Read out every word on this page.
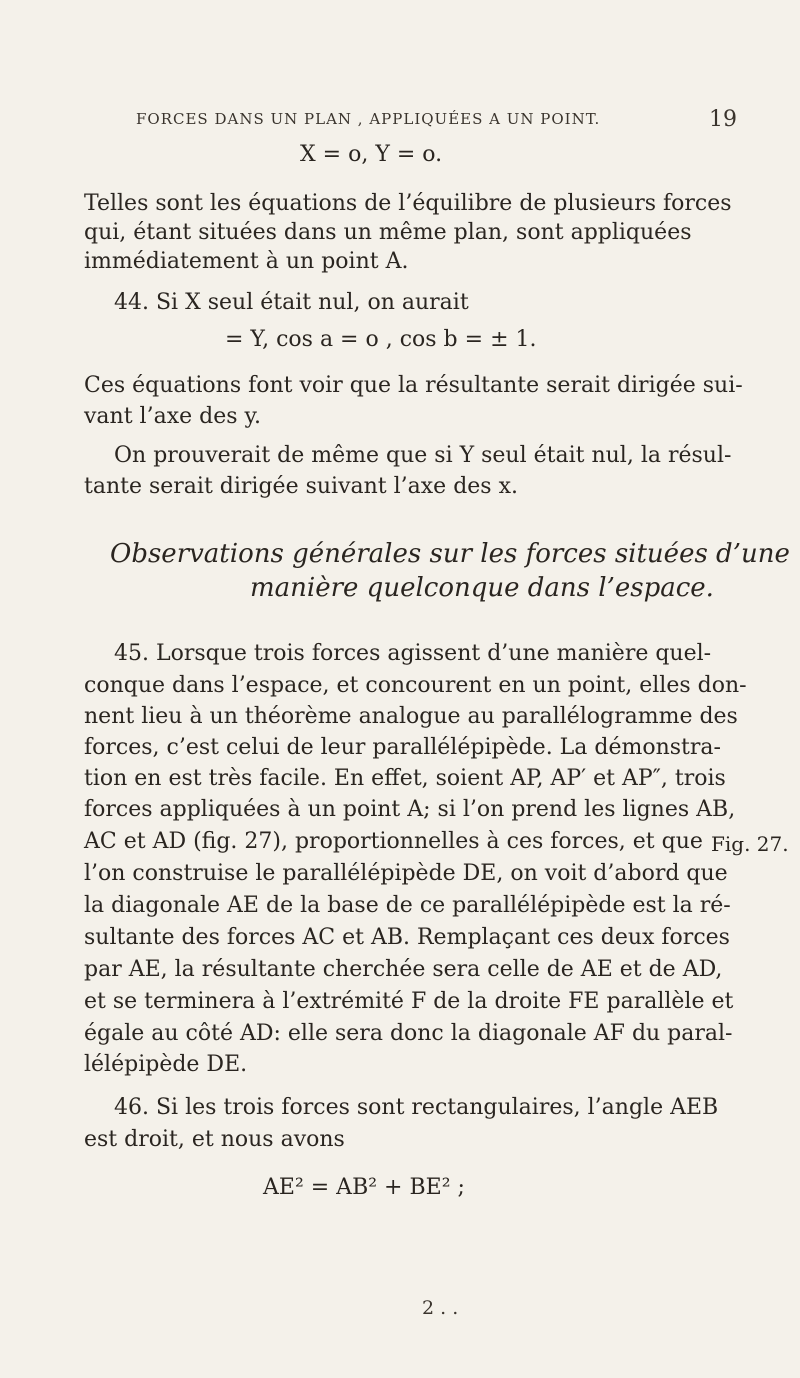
FORCES DANS UN PLAN , APPLIQUÉES A UN POINT.	19
X = o, Y = o.
Telles sont les équations de l’équilibre de plusieurs forces
qui, étant situées dans un même plan, sont appliquées
immédiatement à un point A.
44. Si X seul était nul, on aurait
= Y, cos a = o , cos b = ± 1.
Ces équations font voir que la résultante serait dirigée sui-
vant l’axe des y.
On prouverait de même que si Y seul était nul, la résul-
tante serait dirigée suivant l’axe des x.
Observations générales sur les forces situées d’une
manière quelconque dans l’espace.
45. Lorsque trois forces agissent d’une manière quel-
conque dans l’espace, et concourent en un point, elles don-
nent lieu à un théorème analogue au parallélogramme des
forces, c’est celui de leur parallélépipède. La démonstra-
tion en est très facile. En effet, soient AP, AP′ et AP″, trois
forces appliquées à un point A; si l’on prend les lignes AB,
AC et AD (fig. 27), proportionnelles à ces forces, et que
l’on construise le parallélépipède DE, on voit d’abord que
la diagonale AE de la base de ce parallélépipède est la ré-
sultante des forces AC et AB. Remplaçant ces deux forces
par AE, la résultante cherchée sera celle de AE et de AD,
et se terminera à l’extrémité F de la droite FE parallèle et
égale au côté AD: elle sera donc la diagonale AF du paral-
lélépipède DE.
46. Si les trois forces sont rectangulaires, l’angle AEB
est droit, et nous avons
AE² = AB² + BE² ;
Fig. 27.
2 . .
